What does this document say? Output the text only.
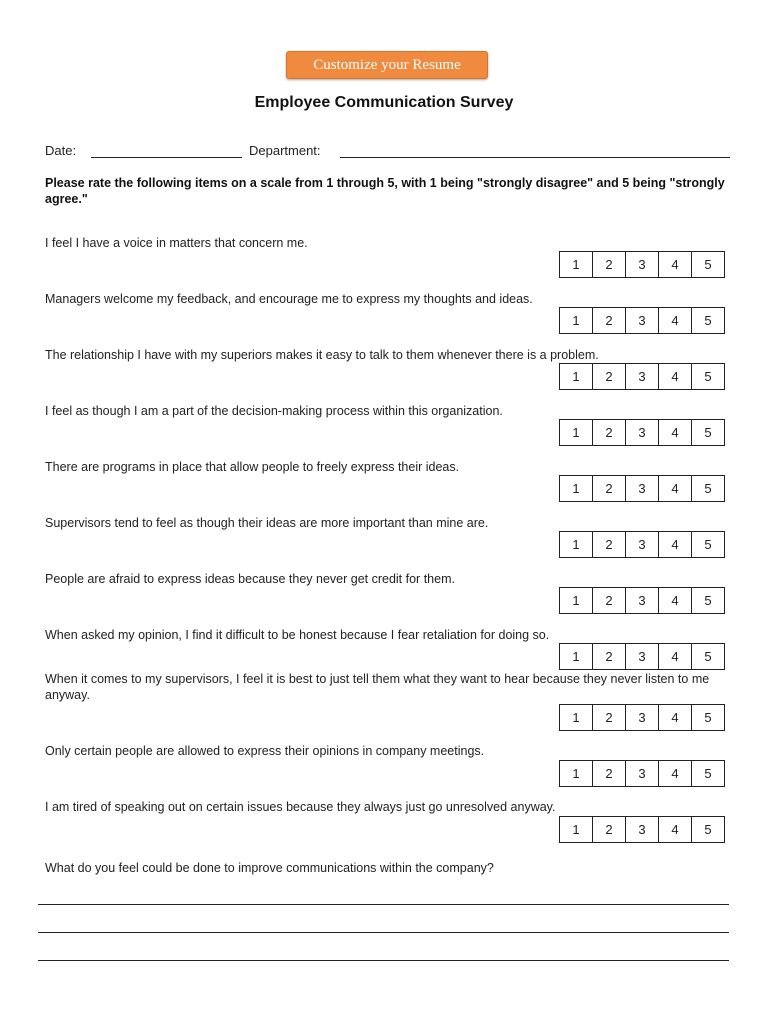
Customize your Resume
Employee Communication Survey
Date:	Department:
Please rate the following items on a scale from 1 through 5, with 1 being "strongly disagree" and 5 being "strongly agree."
I feel I have a voice in matters that concern me.
1	2	3	4	5
Managers welcome my feedback, and encourage me to express my thoughts and ideas.
1	2	3	4	5
The relationship I have with my superiors makes it easy to talk to them whenever there is a problem.
1	2	3	4	5
I feel as though I am a part of the decision-making process within this organization.
1	2	3	4	5
There are programs in place that allow people to freely express their ideas.
1	2	3	4	5
Supervisors tend to feel as though their ideas are more important than mine are.
1	2	3	4	5
People are afraid to express ideas because they never get credit for them.
1	2	3	4	5
When asked my opinion, I find it difficult to be honest because I fear retaliation for doing so.
1	2	3	4	5
When it comes to my supervisors, I feel it is best to just tell them what they want to hear because they never listen to me anyway.
1	2	3	4	5
Only certain people are allowed to express their opinions in company meetings.
1	2	3	4	5
I am tired of speaking out on certain issues because they always just go unresolved anyway.
1	2	3	4	5
What do you feel could be done to improve communications within the company?
